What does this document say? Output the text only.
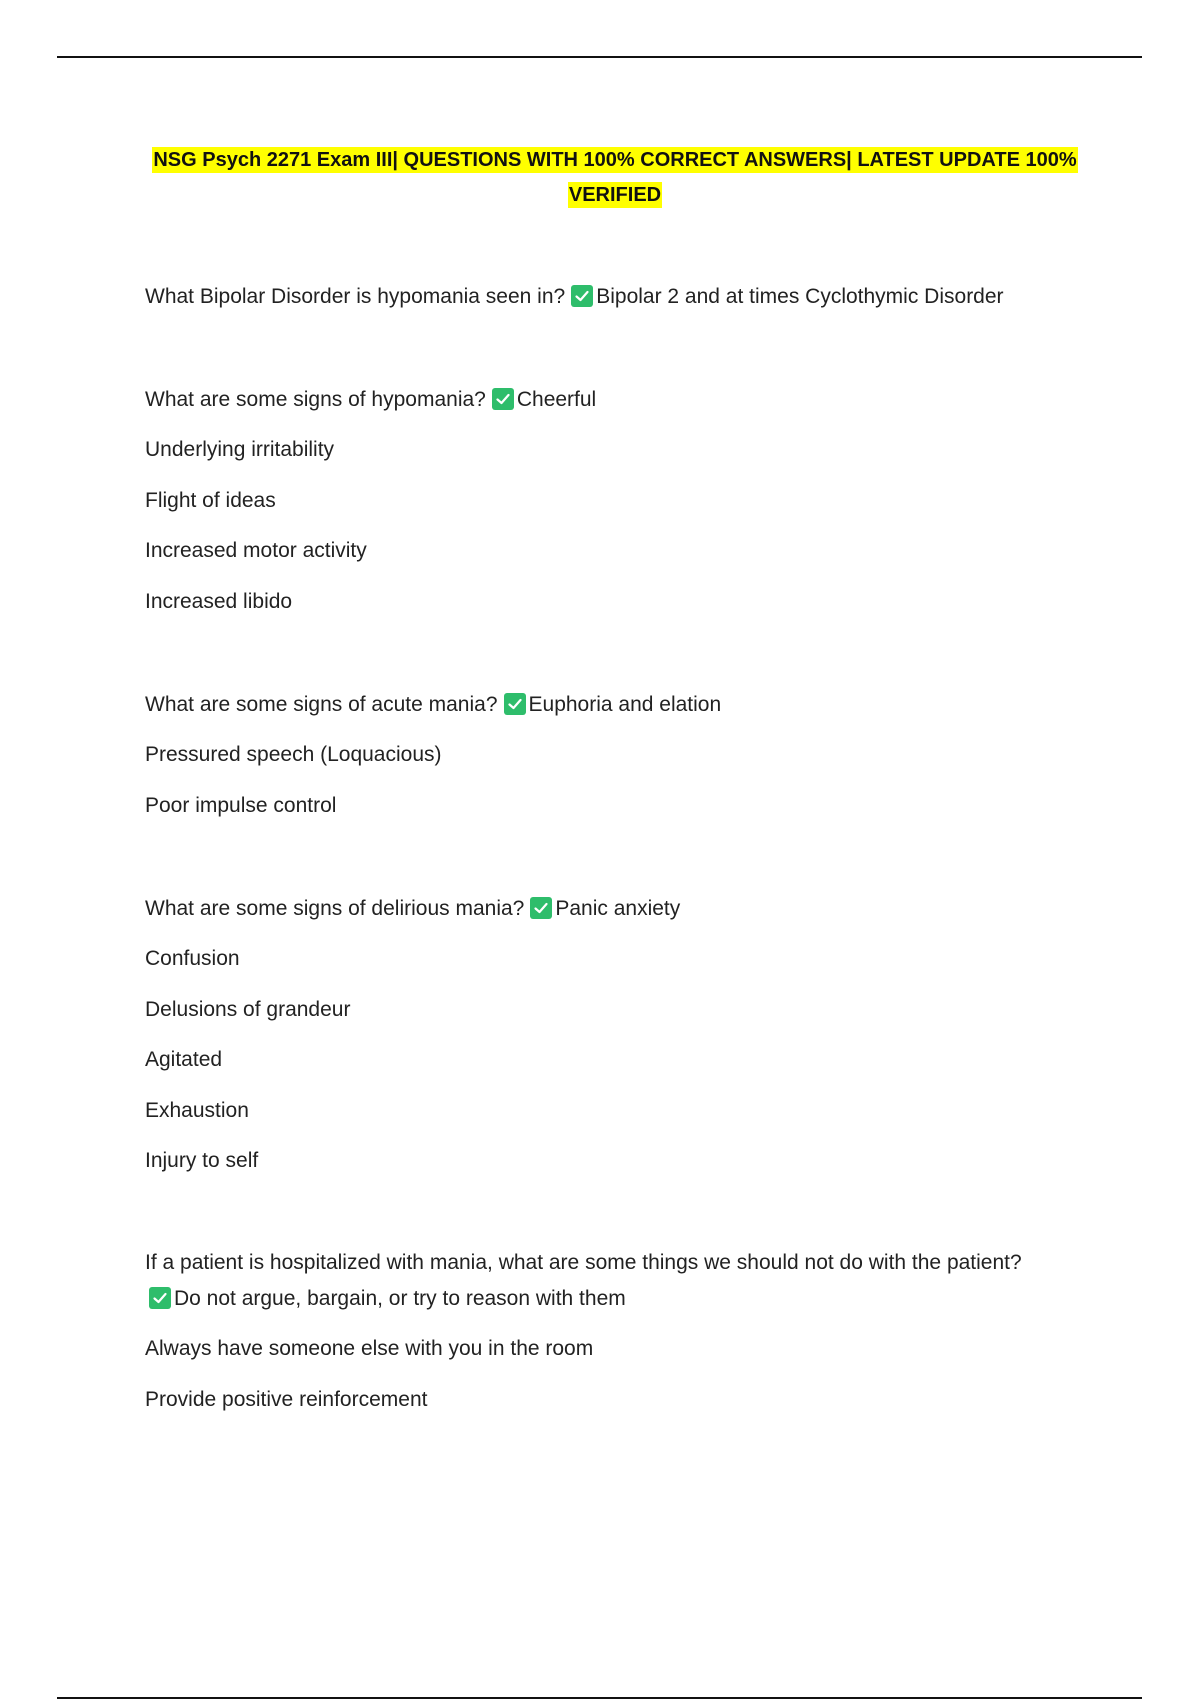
NSG Psych 2271 Exam III| QUESTIONS WITH 100% CORRECT ANSWERS| LATEST UPDATE 100%
VERIFIED
What Bipolar Disorder is hypomania seen in? Bipolar 2 and at times Cyclothymic Disorder
What are some signs of hypomania? Cheerful
Underlying irritability
Flight of ideas
Increased motor activity
Increased libido
What are some signs of acute mania? Euphoria and elation
Pressured speech (Loquacious)
Poor impulse control
What are some signs of delirious mania? Panic anxiety
Confusion
Delusions of grandeur
Agitated
Exhaustion
Injury to self
If a patient is hospitalized with mania, what are some things we should not do with the patient?
Do not argue, bargain, or try to reason with them
Always have someone else with you in the room
Provide positive reinforcement
